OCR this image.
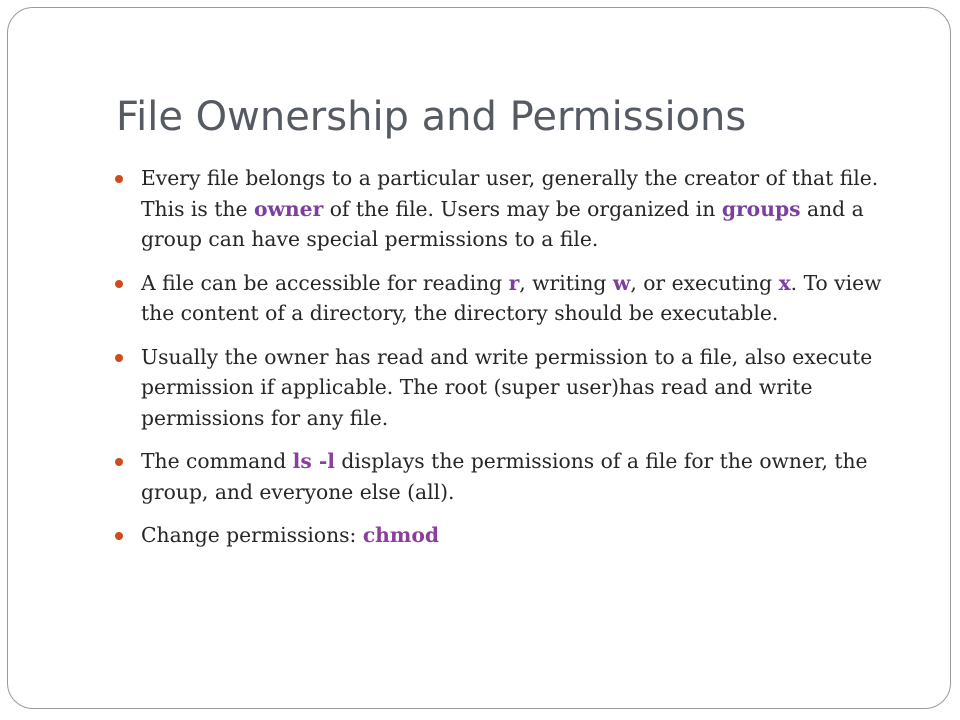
File Ownership and Permissions
Every file belongs to a particular user, generally the creator of that file. This is the owner of the file. Users may be organized in groups and a group can have special permissions to a file.
A file can be accessible for reading r, writing w, or executing x. To view the content of a directory, the directory should be executable.
Usually the owner has read and write permission to a file, also execute permission if applicable. The root (super user)has read and write permissions for any file.
The command ls -l displays the permissions of a file for the owner, the group, and everyone else (all).
Change permissions: chmod
